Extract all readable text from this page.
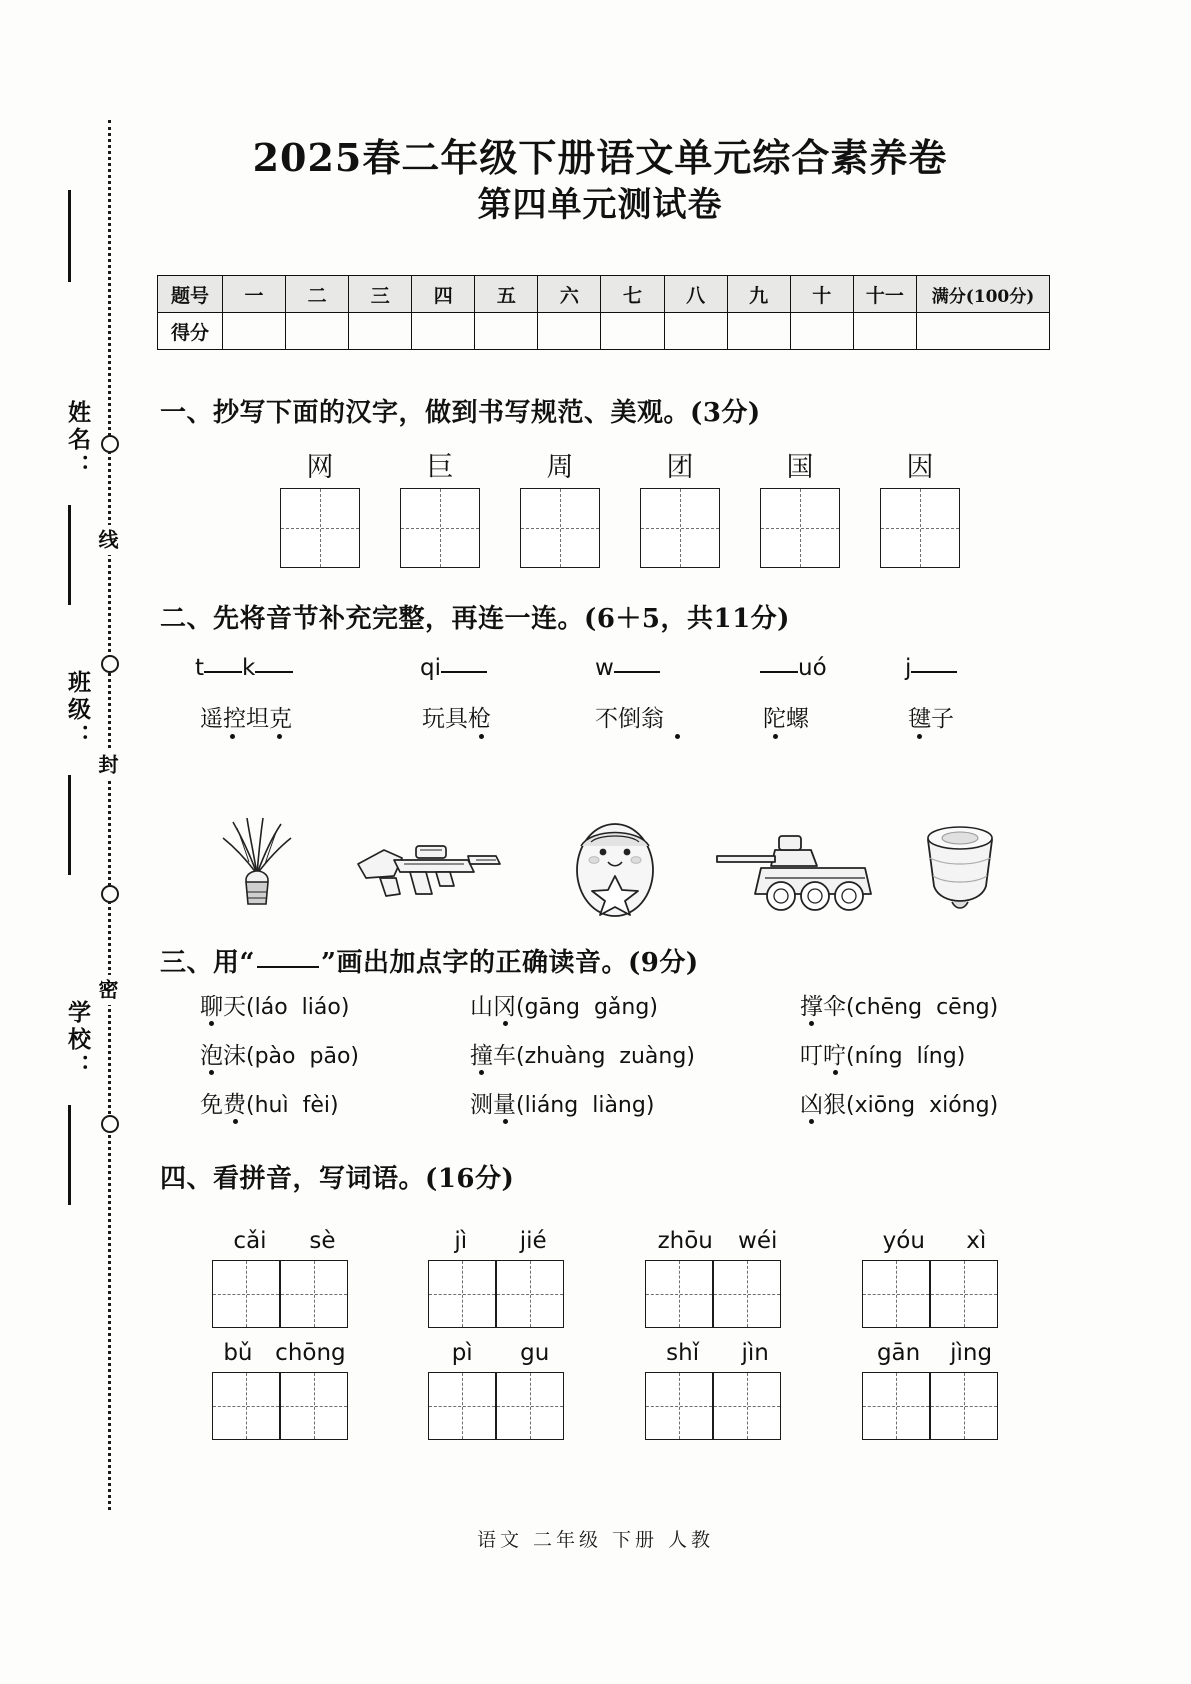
线
封
密
姓名：
班级：
学校：
2025春二年级下册语文单元综合素养卷
第四单元测试卷
题号	一	二	三	四	五	六	七	八	九	十	十一	满分(100分)
得分												
一、抄写下面的汉字，做到书写规范、美观。(3分)
网	巨	周	团	国	因
二、先将音节补充完整，再连一连。(6＋5，共11分)
t k	qi	w	uó	j
遥控坦克	玩具枪	不倒翁	陀螺	毽子
三、用“	”画出加点字的正确读音。(9分)
聊天(láo liáo)	山冈(gāng gǎng)	撑伞(chēng cēng)
泡沫(pào pāo)	撞车(zhuàng zuàng)	叮咛(níng líng)
免费(huì fèi)	测量(liáng liàng)	凶狠(xiōng xióng)
四、看拼音，写词语。(16分)
cǎi sè	jì jié	zhōu wéi	yóu xì
bǔ chōng	pì gu	shǐ jìn	gān jìng
语文 二年级 下册 人教
